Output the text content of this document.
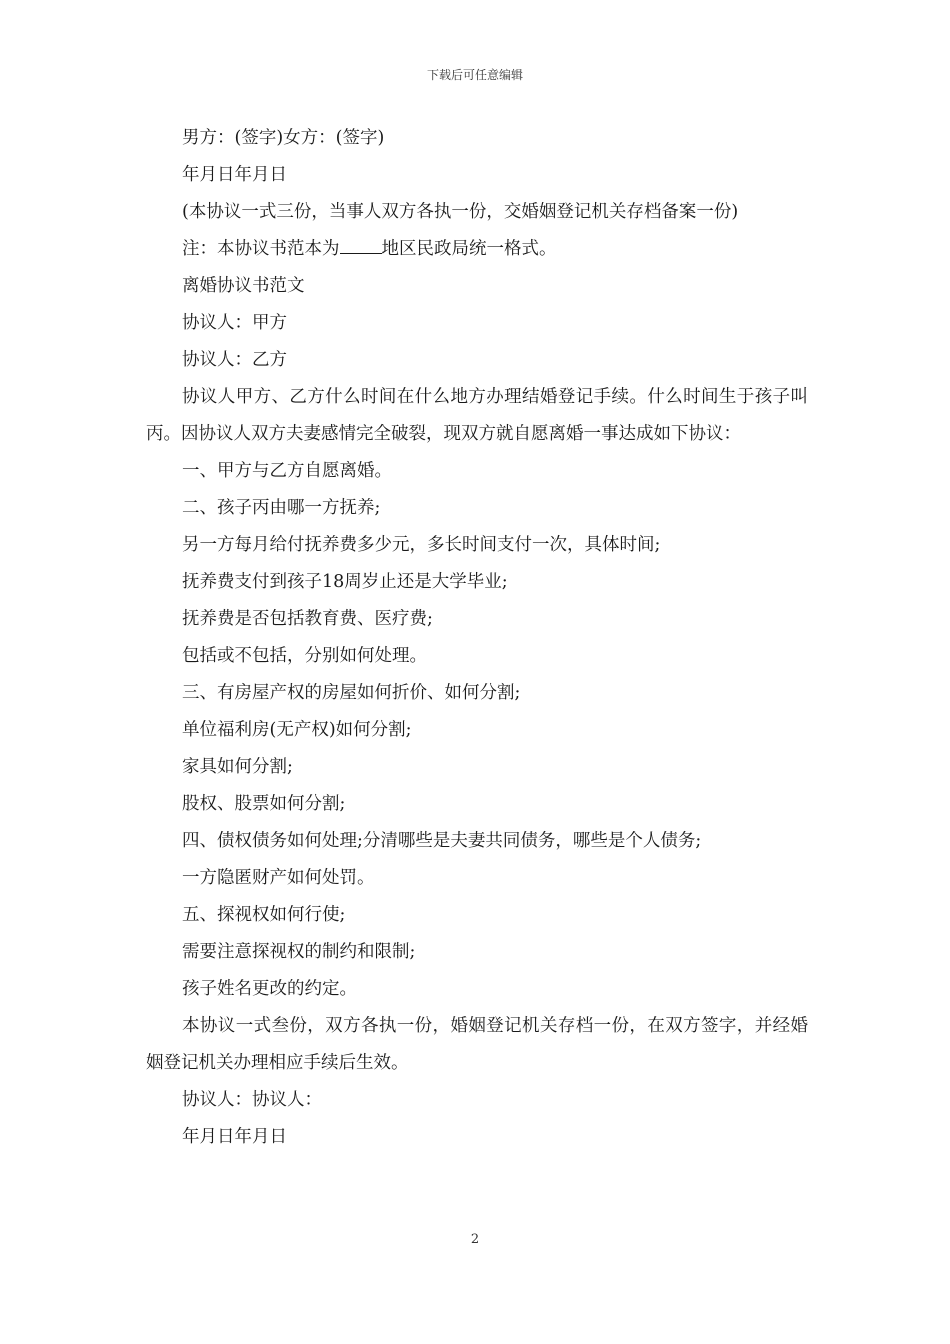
下载后可任意编辑
男方：(签字)女方：(签字)
年月日年月日
(本协议一式三份，当事人双方各执一份，交婚姻登记机关存档备案一份)
注：本协议书范本为 地区民政局统一格式。
离婚协议书范文
协议人：甲方
协议人：乙方
协议人甲方、乙方什么时间在什么地方办理结婚登记手续。什么时间生于孩子叫丙。因协议人双方夫妻感情完全破裂，现双方就自愿离婚一事达成如下协议：
一、甲方与乙方自愿离婚。
二、孩子丙由哪一方抚养;
另一方每月给付抚养费多少元，多长时间支付一次，具体时间;
抚养费支付到孩子18周岁止还是大学毕业;
抚养费是否包括教育费、医疗费;
包括或不包括，分别如何处理。
三、有房屋产权的房屋如何折价、如何分割;
单位福利房(无产权)如何分割;
家具如何分割;
股权、股票如何分割;
四、债权债务如何处理;分清哪些是夫妻共同债务，哪些是个人债务;
一方隐匿财产如何处罚。
五、探视权如何行使;
需要注意探视权的制约和限制;
孩子姓名更改的约定。
本协议一式叁份，双方各执一份，婚姻登记机关存档一份，在双方签字，并经婚姻登记机关办理相应手续后生效。
协议人：协议人：
年月日年月日
2
